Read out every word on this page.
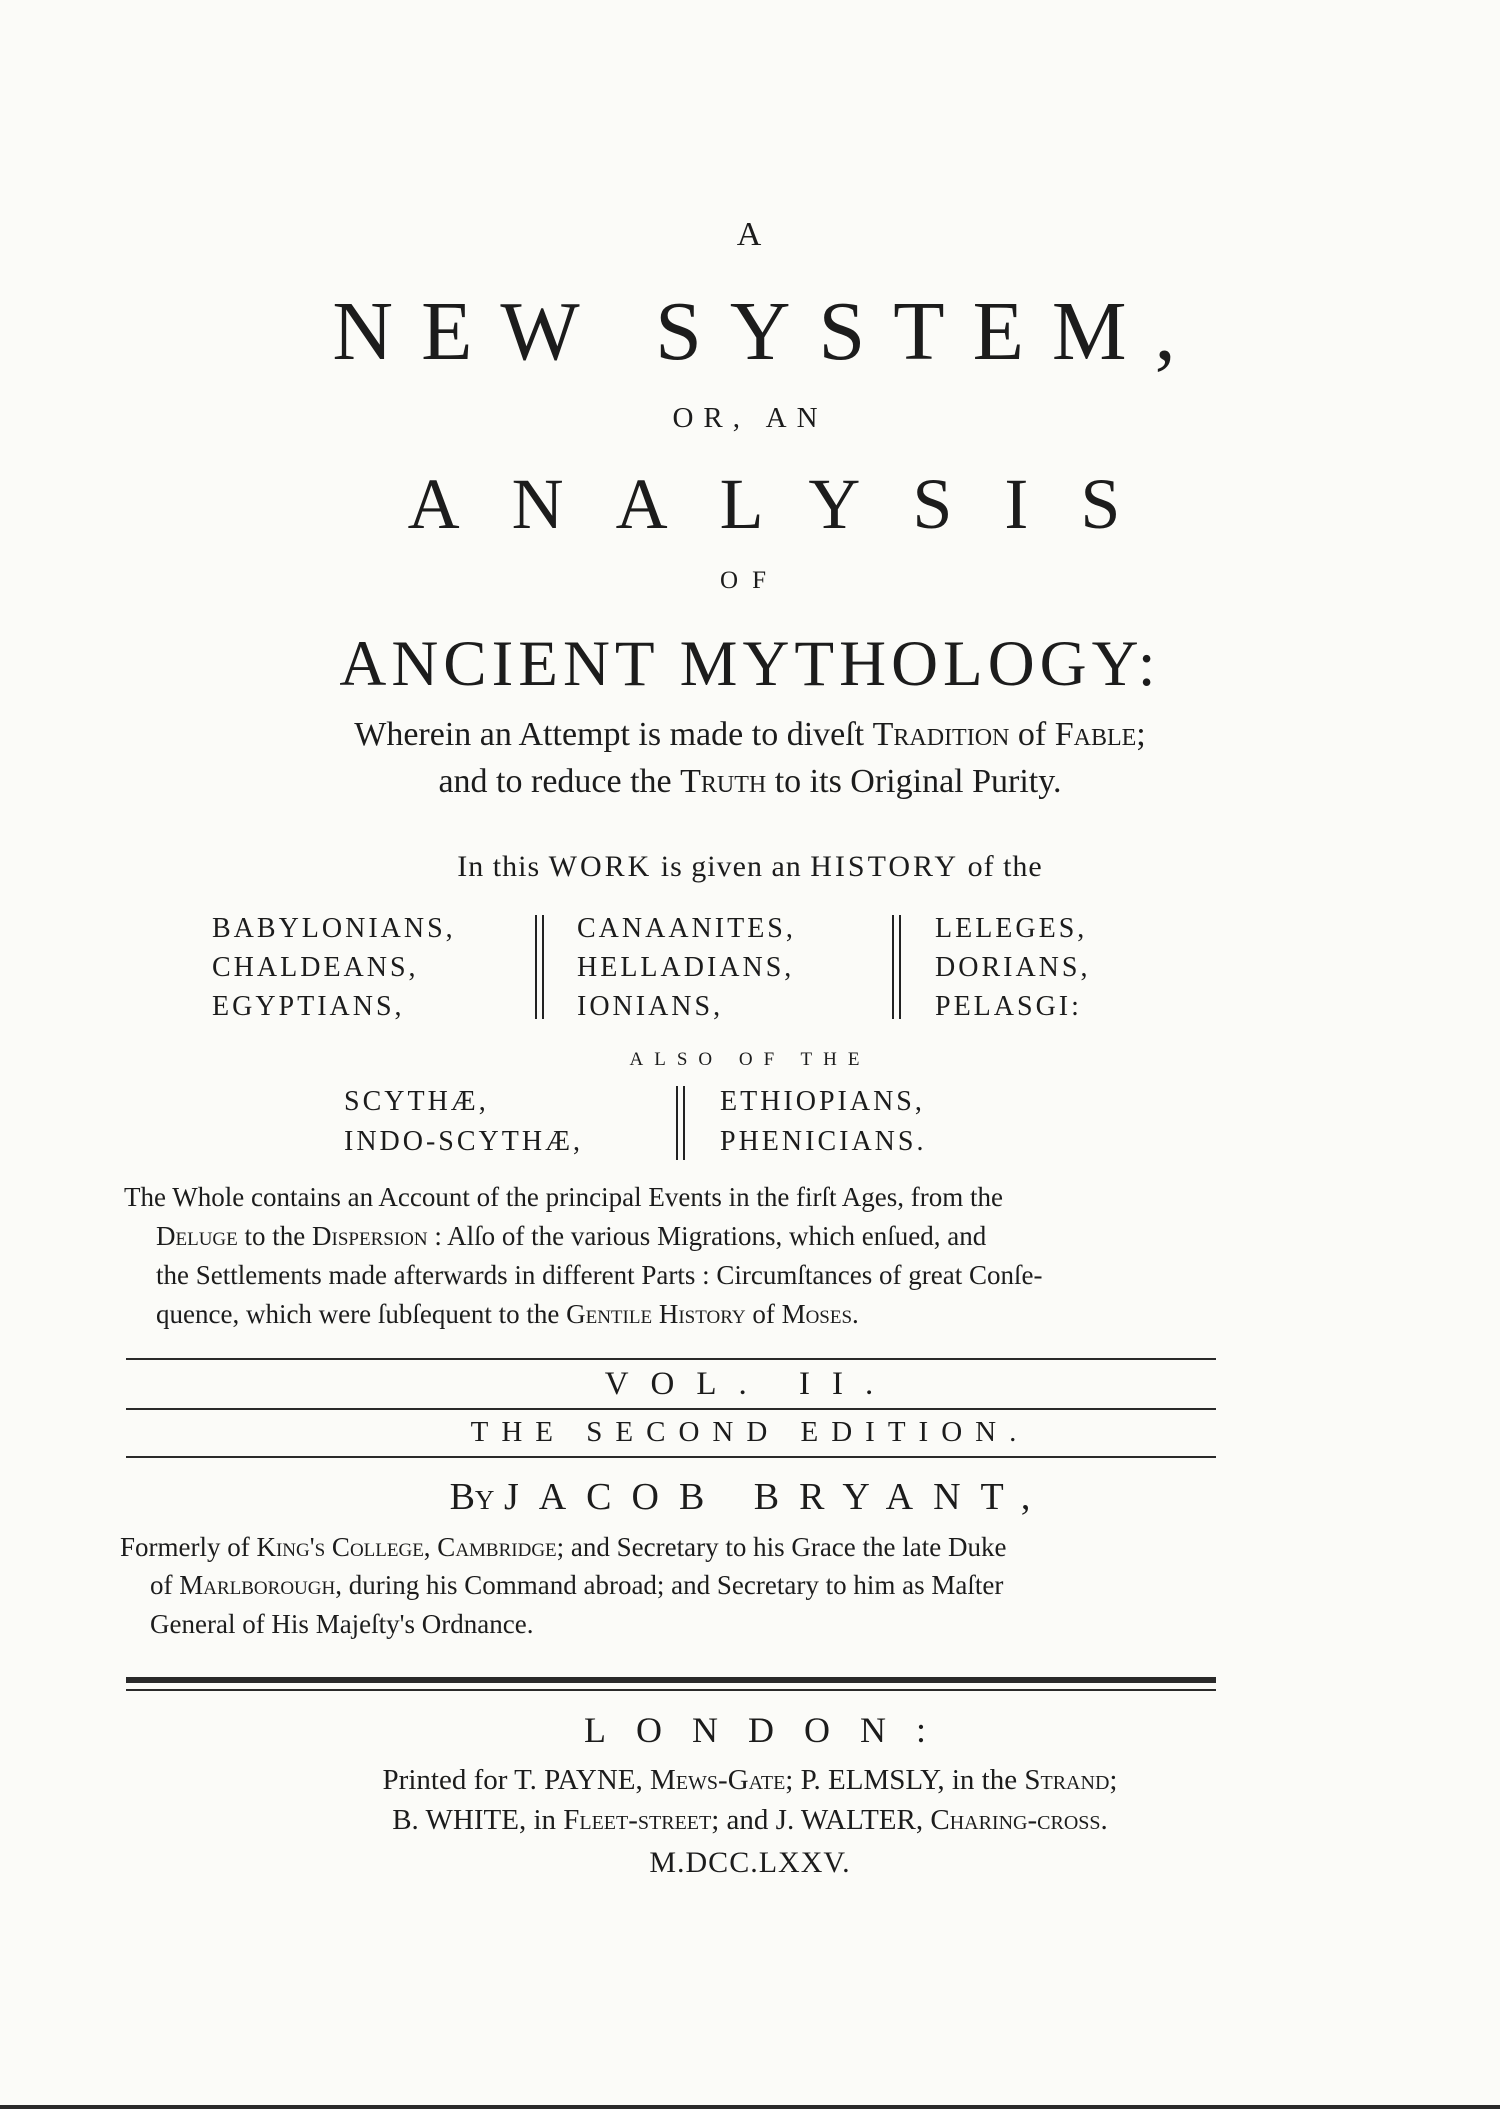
A
NEW SYSTEM,
OR, AN
ANALYSIS
OF
ANCIENT MYTHOLOGY:
Wherein an Attempt is made to diveſt Tradition of Fable;
and to reduce the Truth to its Original Purity.
In this WORK is given an HISTORY of the
BABYLONIANS,
CHALDEANS,
EGYPTIANS,
CANAANITES,
HELLADIANS,
IONIANS,
LELEGES,
DORIANS,
PELASGI:
ALSO OF THE
SCYTHÆ,
INDO-SCYTHÆ,
ETHIOPIANS,
PHENICIANS.
The Whole contains an Account of the principal Events in the firſt Ages, from the
Deluge to the Dispersion : Alſo of the various Migrations, which enſued, and
the Settlements made afterwards in different Parts : Circumſtances of great Conſe-
quence, which were ſubſequent to the Gentile History of Moses.
VOL. II.
THE SECOND EDITION.
By JACOB BRYANT,
Formerly of King's College, Cambridge; and Secretary to his Grace the late Duke
of Marlborough, during his Command abroad; and Secretary to him as Maſter
General of His Majeſty's Ordnance.
LONDON:
Printed for T. PAYNE, Mews-Gate; P. ELMSLY, in the Strand;
B. WHITE, in Fleet-street; and J. WALTER, Charing-cross.
M.DCC.LXXV.
